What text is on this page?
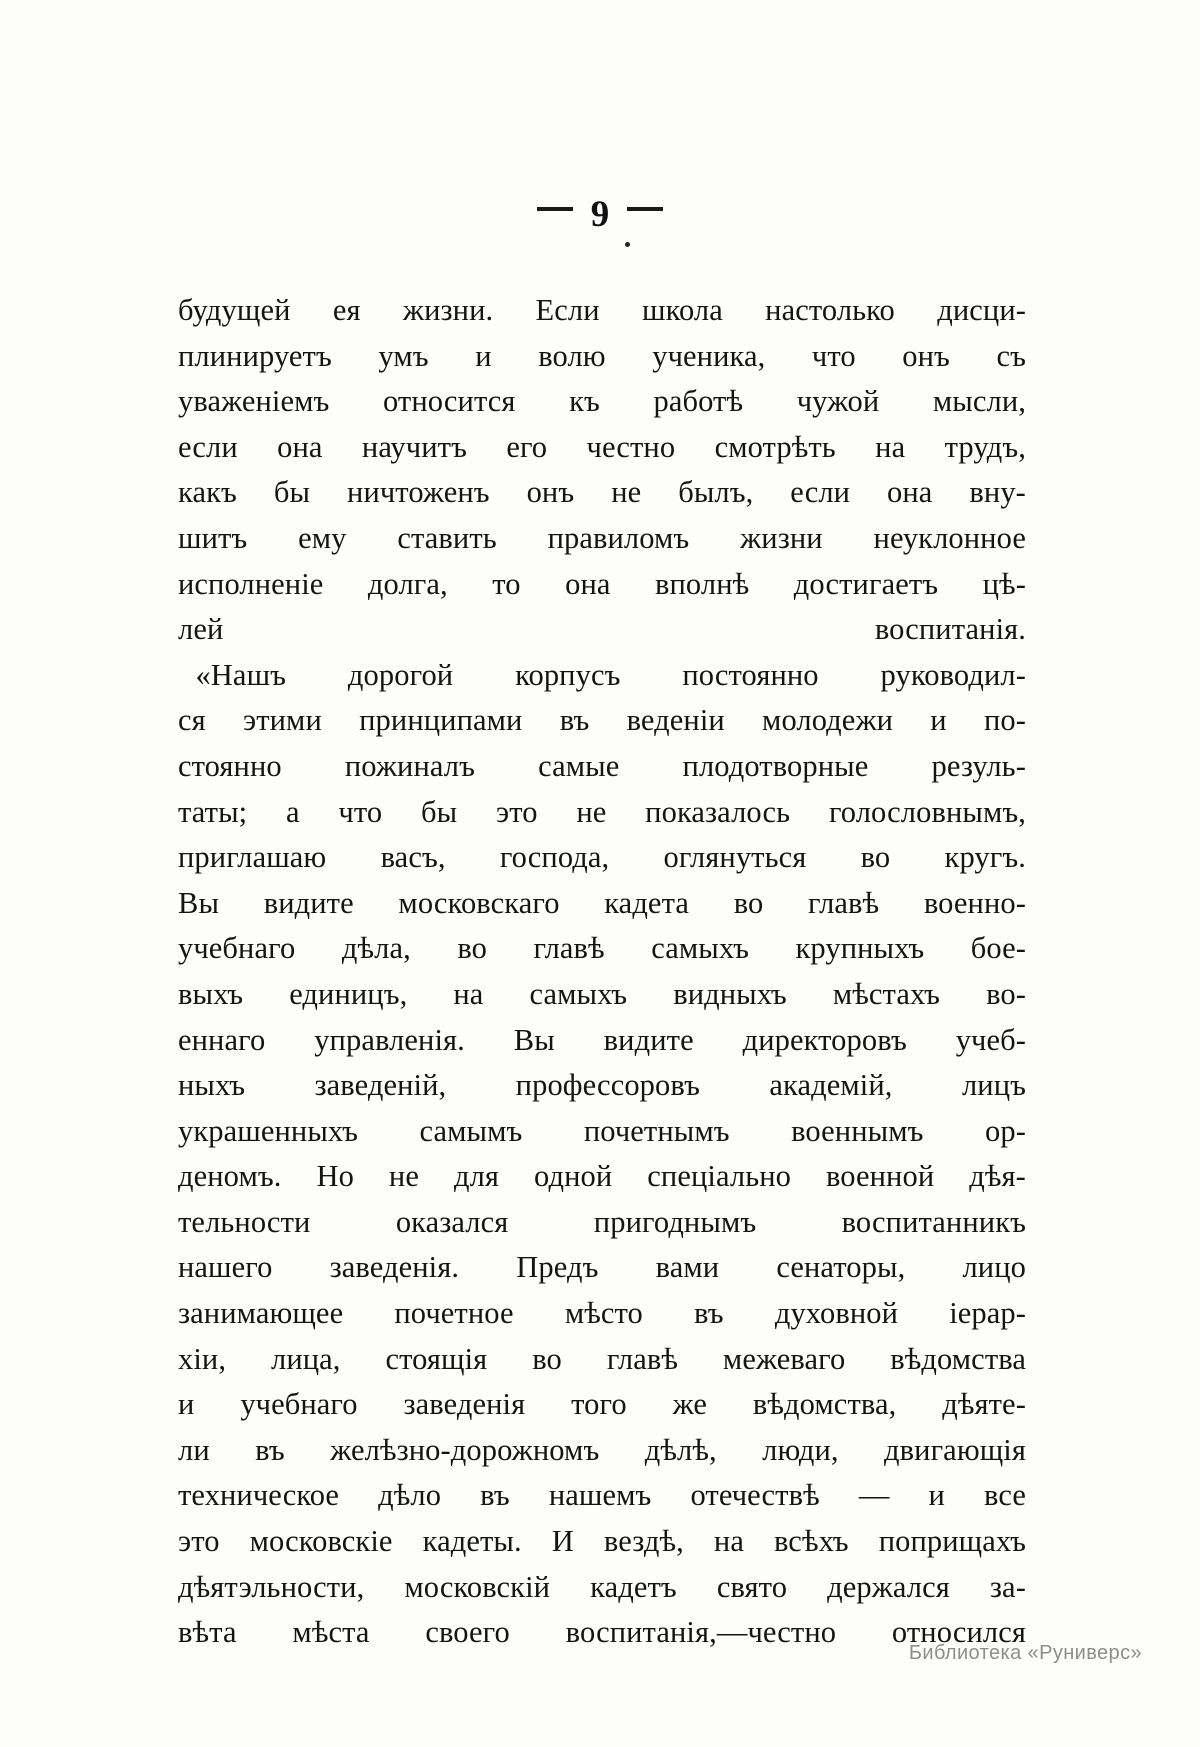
9
будущей ея жизни. Если школа настолько дисци-
плинируетъ умъ и волю ученика, что онъ съ
уваженіемъ относится къ работѣ чужой мысли,
если она научитъ его честно смотрѣть на трудъ,
какъ бы ничтоженъ онъ не былъ, если она вну-
шитъ ему ставить правиломъ жизни неуклонное
исполненіе долга, то она вполнѣ достигаетъ цѣ-
лей воспитанія.
«Нашъ дорогой корпусъ постоянно руководил-
ся этими принципами въ веденіи молодежи и по-
стоянно пожиналъ самые плодотворные резуль-
таты; а что бы это не показалось голословнымъ,
приглашаю васъ, господа, оглянуться во кругъ.
Вы видите московскаго кадета во главѣ военно-
учебнаго дѣла, во главѣ самыхъ крупныхъ бое-
выхъ единицъ, на самыхъ видныхъ мѣстахъ во-
еннаго управленія. Вы видите директоровъ учеб-
ныхъ заведеній, профессоровъ академій, лицъ
украшенныхъ самымъ почетнымъ военнымъ ор-
деномъ. Но не для одной спеціально военной дѣя-
тельности	оказался	пригоднымъ	воспитанникъ
нашего заведенія. Предъ вами сенаторы, лицо
занимающее почетное мѣсто въ духовной іерар-
хіи, лица, стоящія во главѣ межеваго вѣдомства
и учебнаго заведенія того же вѣдомства, дѣяте-
ли въ желѣзно-дорожномъ дѣлѣ, люди, двигающія
техническое дѣло въ нашемъ отечествѣ — и все
это московскіе кадеты. И вездѣ, на всѣхъ поприщахъ
дѣятэльности, московскій кадетъ свято держался за-
вѣта мѣста своего воспитанія,—честно относился
Библиотека «Руниверс»
